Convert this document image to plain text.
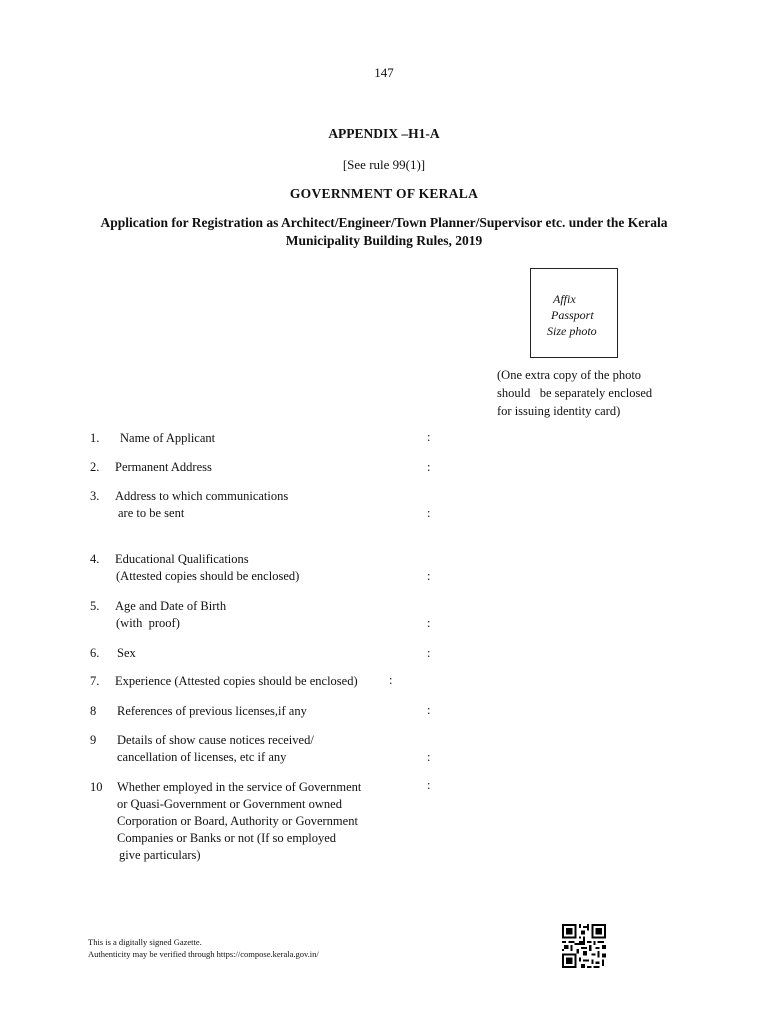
147
APPENDIX –H1-A
[See rule 99(1)]
GOVERNMENT OF KERALA
Application for Registration as Architect/Engineer/Town Planner/Supervisor etc. under the Kerala
Municipality Building Rules, 2019
Affix
Passport
Size photo
(One extra copy of the photo
should   be separately enclosed
for issuing identity card)
1. Name of Applicant	:
2. Permanent Address	:
3. Address to which communications
are to be sent	:
4. Educational Qualifications
(Attested copies should be enclosed)	:
5. Age and Date of Birth
(with  proof)	:
6. Sex	:
7. Experience (Attested copies should be enclosed)	:
8 References of previous licenses,if any	:
9 Details of show cause notices received/
cancellation of licenses, etc if any	:
10 Whether employed in the service of Government
or Quasi-Government or Government owned
Corporation or Board, Authority or Government
Companies or Banks or not (If so employed
give particulars)
:
This is a digitally signed Gazette.
Authenticity may be verified through https://compose.kerala.gov.in/
